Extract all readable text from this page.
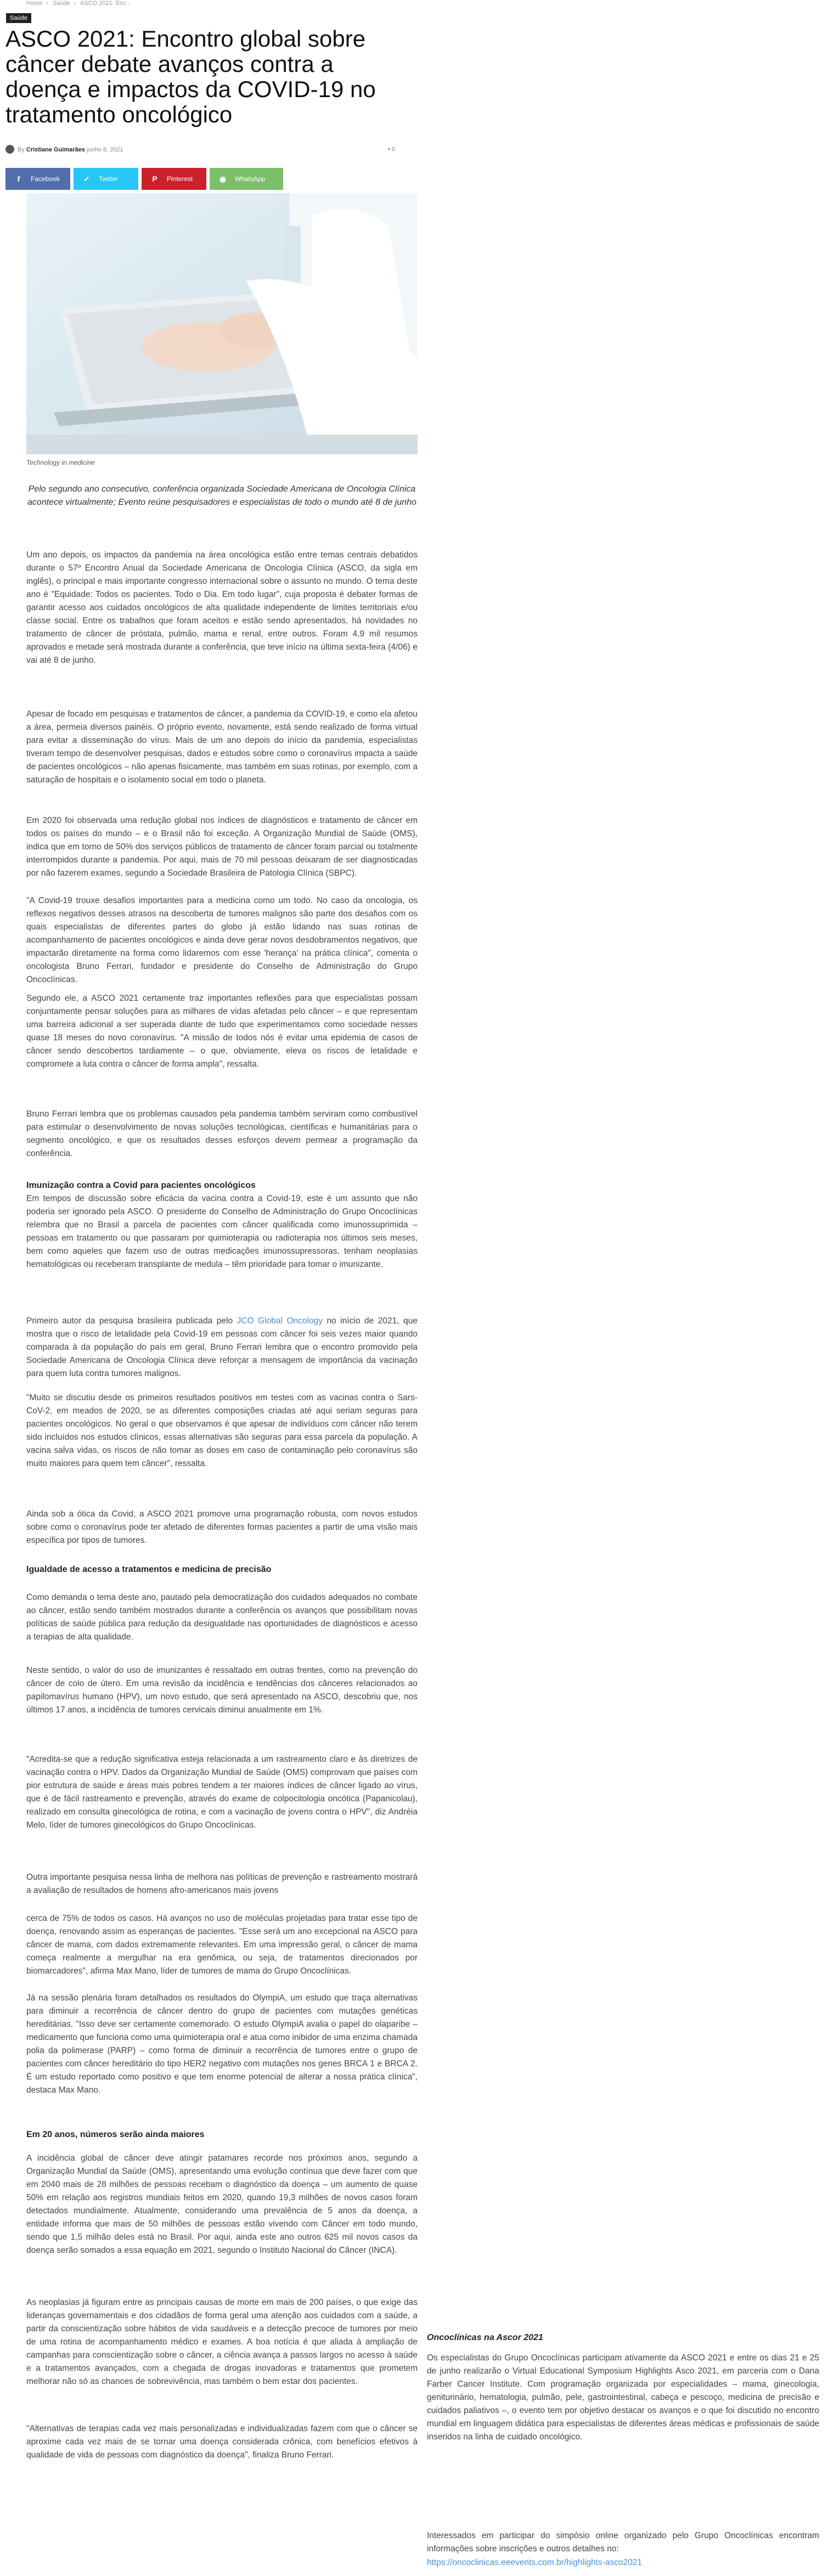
Home › Saúde › ASCO 2021: Enc...
Saúde
ASCO 2021: Encontro global sobre câncer debate avanços contra a doença e impactos da COVID-19 no tratamento oncológico
By Cristiane Guimarães junho 8, 2021	▪ 0
f	Facebook	✓	Twitter	P	Pinterest	◉	WhatsApp
Technology in medicine

Pelo segundo ano consecutivo, conferência organizada Sociedade Americana de Oncologia Clínica acontece virtualmente; Evento reúne pesquisadores e especialistas de todo o mundo até 8 de junho

Um ano depois, os impactos da pandemia na área oncológica estão entre temas centrais debatidos durante o 57º Encontro Anual da Sociedade Americana de Oncologia Clínica (ASCO, da sigla em inglês), o principal e mais importante congresso internacional sobre o assunto no mundo. O tema deste ano é "Equidade: Todos os pacientes. Todo o Dia. Em todo lugar", cuja proposta é debater formas de garantir acesso aos cuidados oncológicos de alta qualidade independente de limites territoriais e/ou classe social. Entre os trabalhos que foram aceitos e estão sendo apresentados, há novidades no tratamento de câncer de próstata, pulmão, mama e renal, entre outros. Foram 4,9 mil resumos aprovados e metade será mostrada durante a conferência, que teve início na última sexta-feira (4/06) e vai até 8 de junho.

Apesar de focado em pesquisas e tratamentos de câncer, a pandemia da COVID-19, e como ela afetou a área, permeia diversos painéis. O próprio evento, novamente, está sendo realizado de forma virtual para evitar a disseminação do vírus. Mais de um ano depois do início da pandemia, especialistas tiveram tempo de desenvolver pesquisas, dados e estudos sobre como o coronavírus impacta a saúde de pacientes oncológicos – não apenas fisicamente, mas também em suas rotinas, por exemplo, com a saturação de hospitais e o isolamento social em todo o planeta.

Em 2020 foi observada uma redução global nos índices de diagnósticos e tratamento de câncer em todos os países do mundo – e o Brasil não foi exceção. A Organização Mundial de Saúde (OMS), indica que em torno de 50% dos serviços públicos de tratamento de câncer foram parcial ou totalmente interrompidos durante a pandemia. Por aqui, mais de 70 mil pessoas deixaram de ser diagnosticadas por não fazerem exames, segundo a Sociedade Brasileira de Patologia Clínica (SBPC).

"A Covid-19 trouxe desafios importantes para a medicina como um todo. No caso da oncologia, os reflexos negativos desses atrasos na descoberta de tumores malignos são parte dos desafios com os quais especialistas de diferentes partes do globo já estão lidando nas suas rotinas de acompanhamento de pacientes oncológicos e ainda deve gerar novos desdobramentos negativos, que impactarão diretamente na forma como lidaremos com esse 'herança' na prática clínica", comenta o oncologista Bruno Ferrari, fundador e presidente do Conselho de Administração do Grupo Oncoclínicas.

Segundo ele, a ASCO 2021 certamente traz importantes reflexões para que especialistas possam conjuntamente pensar soluções para as milhares de vidas afetadas pelo câncer – e que representam uma barreira adicional a ser superada diante de tudo que experimentamos como sociedade nesses quase 18 meses do novo coronavírus. "A missão de todos nós é evitar uma epidemia de casos de câncer sendo descobertos tardiamente – o que, obviamente, eleva os riscos de letalidade e compromete a luta contra o câncer de forma ampla", ressalta.

Bruno Ferrari lembra que os problemas causados pela pandemia também serviram como combustível para estimular o desenvolvimento de novas soluções tecnológicas, científicas e humanitárias para o segmento oncológico, e que os resultados desses esforços devem permear a programação da conferência.

Imunização contra a Covid para pacientes oncológicos

Em tempos de discussão sobre eficácia da vacina contra a Covid-19, este é um assunto que não poderia ser ignorado pela ASCO. O presidente do Conselho de Administração do Grupo Oncoclínicas relembra que no Brasil a parcela de pacientes com câncer qualificada como imunossuprimida – pessoas em tratamento ou que passaram por quimioterapia ou radioterapia nos últimos seis meses, bem como aqueles que fazem uso de outras medicações imunossupressoras, tenham neoplasias hematológicas ou receberam transplante de medula – têm prioridade para tomar o imunizante.

Primeiro autor da pesquisa brasileira publicada pelo JCO Global Oncology no início de 2021, que mostra que o risco de letalidade pela Covid-19 em pessoas com câncer foi seis vezes maior quando comparada à da população do país em geral, Bruno Ferrari lembra que o encontro promovido pela Sociedade Americana de Oncologia Clínica deve reforçar a mensagem de importância da vacinação para quem luta contra tumores malignos.

"Muito se discutiu desde os primeiros resultados positivos em testes com as vacinas contra o Sars-CoV-2, em meados de 2020, se as diferentes composições criadas até aqui seriam seguras para pacientes oncológicos. No geral o que observamos é que apesar de indivíduos com câncer não terem sido incluídos nos estudos clínicos, essas alternativas são seguras para essa parcela da população. A vacina salva vidas, os riscos de não tomar as doses em caso de contaminação pelo coronavírus são muito maiores para quem tem câncer", ressalta.

Ainda sob a ótica da Covid, a ASCO 2021 promove uma programação robusta, com novos estudos sobre como o coronavírus pode ter afetado de diferentes formas pacientes a partir de uma visão mais específica por tipos de tumores.

Igualdade de acesso a tratamentos e medicina de precisão

Como demanda o tema deste ano, pautado pela democratização dos cuidados adequados no combate ao câncer, estão sendo também mostrados durante a conferência os avanços que possibilitam novas políticas de saúde pública para redução da desigualdade nas oportunidades de diagnósticos e acesso a terapias de alta qualidade.

Neste sentido, o valor do uso de imunizantes é ressaltado em outras frentes, como na prevenção do câncer de colo de útero. Em uma revisão da incidência e tendências dos cânceres relacionados ao papilomavírus humano (HPV), um novo estudo, que será apresentado na ASCO, descobriu que, nos últimos 17 anos, a incidência de tumores cervicais diminui anualmente em 1%.

"Acredita-se que a redução significativa esteja relacionada a um rastreamento claro e às diretrizes de vacinação contra o HPV. Dados da Organização Mundial de Saúde (OMS) comprovam que países com pior estrutura de saúde e áreas mais pobres tendem a ter maiores índices de câncer ligado ao vírus, que é de fácil rastreamento e prevenção, através do exame de colpocitologia oncótica (Papanicolau), realizado em consulta ginecológica de rotina, e com a vacinação de jovens contra o HPV", diz Andréia Melo, líder de tumores ginecológicos do Grupo Oncoclínicas.

Outra importante pesquisa nessa linha de melhora nas políticas de prevenção e rastreamento mostrará a avaliação de resultados de homens afro-americanos mais jovens

cerca de 75% de todos os casos. Há avanços no uso de moléculas projetadas para tratar esse tipo de doença, renovando assim as esperanças de pacientes. "Esse será um ano excepcional na ASCO para câncer de mama, com dados extremamente relevantes. Em uma impressão geral, o câncer de mama começa realmente a mergulhar na era genômica, ou seja, de tratamentos direcionados por biomarcadores", afirma Max Mano, líder de tumores de mama do Grupo Oncoclínicas.

Já na sessão plenária foram detalhados os resultados do OlympiA, um estudo que traça alternativas para diminuir a recorrência de câncer dentro do grupo de pacientes com mutações genéticas hereditárias. "Isso deve ser certamente comemorado. O estudo OlympiA avalia o papel do olaparibe – medicamento que funciona como uma quimioterapia oral e atua como inibidor de uma enzima chamada polia da polimerase (PARP) – como forma de diminuir a recorrência de tumores entre o grupo de pacientes com câncer hereditário do tipo HER2 negativo com mutações nos genes BRCA 1 e BRCA 2. É um estudo reportado como positivo e que tem enorme potencial de alterar a nossa prática clínica", destaca Max Mano.

Em 20 anos, números serão ainda maiores

A incidência global de câncer deve atingir patamares recorde nos próximos anos, segundo a Organização Mundial da Saúde (OMS), apresentando uma evolução contínua que deve fazer com que em 2040 mais de 28 milhões de pessoas recebam o diagnóstico da doença – um aumento de quase 50% em relação aos registros mundiais feitos em 2020, quando 19,3 milhões de novos casos foram detectados mundialmente. Atualmente, considerando uma prevalência de 5 anos da doença, a entidade informa que mais de 50 milhões de pessoas estão vivendo com Câncer em todo mundo, sendo que 1,5 milhão deles está no Brasil. Por aqui, ainda este ano outros 625 mil novos casos da doença serão somados a essa equação em 2021, segundo o Instituto Nacional do Câncer (INCA).

As neoplasias já figuram entre as principais causas de morte em mais de 200 países, o que exige das lideranças governamentais e dos cidadãos de forma geral uma atenção aos cuidados com a saúde, a partir da conscientização sobre hábitos de vida saudáveis e a detecção precoce de tumores por meio de uma rotina de acompanhamento médico e exames. A boa notícia é que aliada à ampliação de campanhas para conscientização sobre o câncer, a ciência avança a passos largos no acesso à saúde e a tratamentos avançados, com a chegada de drogas inovadoras e tratamentos que prometem melhorar não só as chances de sobrevivência, mas também o bem estar dos pacientes.

"Alternativas de terapias cada vez mais personalizadas e individualizadas fazem com que o câncer se aproxime cada vez mais de se tornar uma doença considerada crônica, com benefícios efetivos à qualidade de vida de pessoas com diagnóstico da doença", finaliza Bruno Ferrari.

Oncoclínicas na Ascor 2021

Os especialistas do Grupo Oncoclínicas participam ativamente da ASCO 2021 e entre os dias 21 e 25 de junho realizarão o Virtual Educational Symposium Highlights Asco 2021, em parceria com o Dana Farber Cancer Institute. Com programação organizada por especialidades – mama, ginecologia, geniturinário, hematologia, pulmão, pele, gastrointestinal, cabeça e pescoço, medicina de precisão e cuidados paliativos –, o evento tem por objetivo destacar os avanços e o que foi discutido no encontro mundial em linguagem didática para especialistas de diferentes áreas médicas e profissionais de saúde inseridos na linha de cuidado oncológico.

Interessados em participar do simpósio online organizado pelo Grupo Oncoclínicas encontram informações sobre inscrições e outros detalhes no:

https://oncoclinicas.eeevents.com.br/highlights-asco2021
